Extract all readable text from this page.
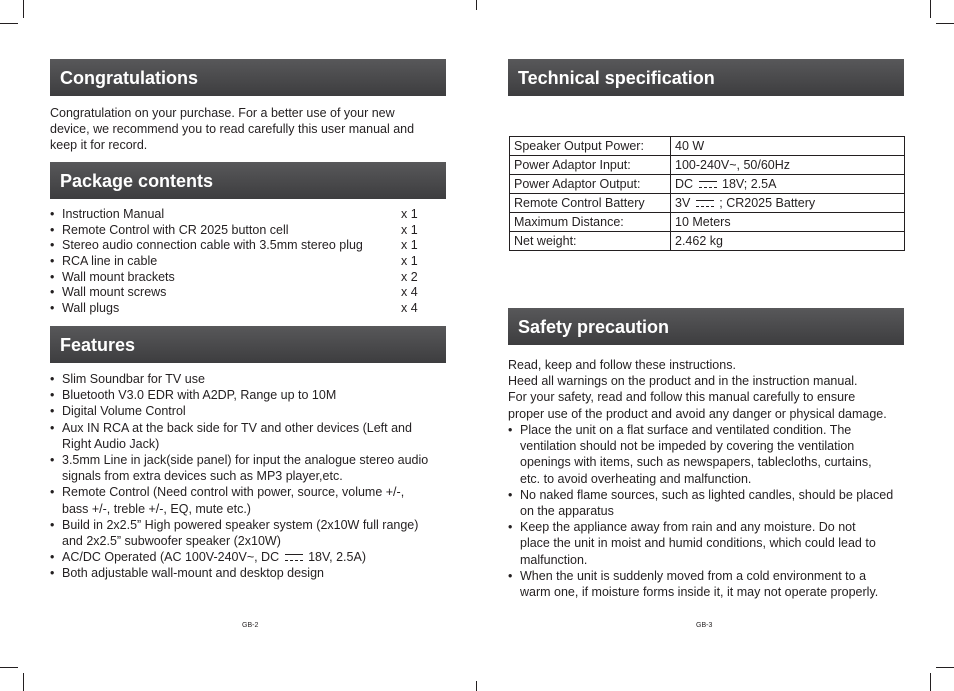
Congratulations
Congratulation on your purchase. For a better use of your new
device, we recommend you to read carefully this user manual and
keep it for record.
Package contents
• Instruction Manual	x 1
• Remote Control with CR 2025 button cell	x 1
• Stereo audio connection cable with 3.5mm stereo plug	x 1
• RCA line in cable	x 1
• Wall mount brackets	x 2
• Wall mount screws	x 4
• Wall plugs	x 4
Features
• Slim Soundbar for TV use
• Bluetooth V3.0 EDR with A2DP, Range up to 10M
• Digital Volume Control
• Aux IN RCA at the back side for TV and other devices (Left and
Right Audio Jack)
• 3.5mm Line in jack(side panel) for input the analogue stereo audio
signals from extra devices such as MP3 player,etc.
• Remote Control (Need control with power, source, volume +/-,
bass +/-, treble +/-, EQ, mute etc.)
• Build in 2x2.5” High powered speaker system (2x10W full range)
and 2x2.5” subwoofer speaker (2x10W)
• AC/DC Operated (AC 100V-240V~, DC  18V, 2.5A)
• Both adjustable wall-mount and desktop design
GB-2
Technical specification
Speaker Output Power:	40 W
Power Adaptor Input:	100-240V~, 50/60Hz
Power Adaptor Output:	DC 18V; 2.5A
Remote Control Battery	3V ; CR2025 Battery
Maximum Distance:	10 Meters
Net weight:	2.462 kg
Safety precaution
Read, keep and follow these instructions.
Heed all warnings on the product and in the instruction manual.
For your safety, read and follow this manual carefully to ensure
proper use of the product and avoid any danger or physical damage.
• Place the unit on a flat surface and ventilated condition. The
ventilation should not be impeded by covering the ventilation
openings with items, such as newspapers, tablecloths, curtains,
etc. to avoid overheating and malfunction.
• No naked flame sources, such as lighted candles, should be placed
on the apparatus
• Keep the appliance away from rain and any moisture. Do not
place the unit in moist and humid conditions, which could lead to
malfunction.
• When the unit is suddenly moved from a cold environment to a
warm one, if moisture forms inside it, it may not operate properly.
GB-3
